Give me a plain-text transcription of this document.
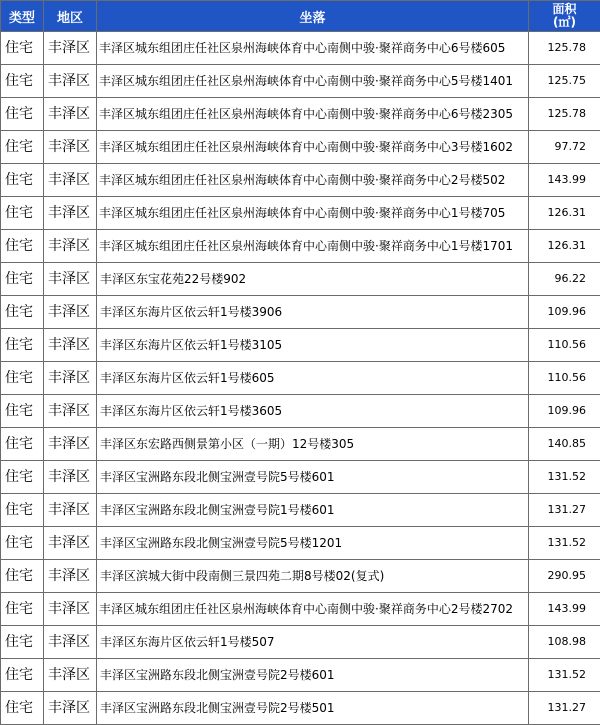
类型	地区	坐落	面积
(㎡)

住宅	丰泽区	丰泽区城东组团庄任社区泉州海峡体育中心南侧中骏·聚祥商务中心6号楼605	125.78
住宅	丰泽区	丰泽区城东组团庄任社区泉州海峡体育中心南侧中骏·聚祥商务中心5号楼1401	125.75
住宅	丰泽区	丰泽区城东组团庄任社区泉州海峡体育中心南侧中骏·聚祥商务中心6号楼2305	125.78
住宅	丰泽区	丰泽区城东组团庄任社区泉州海峡体育中心南侧中骏·聚祥商务中心3号楼1602	97.72
住宅	丰泽区	丰泽区城东组团庄任社区泉州海峡体育中心南侧中骏·聚祥商务中心2号楼502	143.99
住宅	丰泽区	丰泽区城东组团庄任社区泉州海峡体育中心南侧中骏·聚祥商务中心1号楼705	126.31
住宅	丰泽区	丰泽区城东组团庄任社区泉州海峡体育中心南侧中骏·聚祥商务中心1号楼1701	126.31
住宅	丰泽区	丰泽区东宝花苑22号楼902	96.22
住宅	丰泽区	丰泽区东海片区依云轩1号楼3906	109.96
住宅	丰泽区	丰泽区东海片区依云轩1号楼3105	110.56
住宅	丰泽区	丰泽区东海片区依云轩1号楼605	110.56
住宅	丰泽区	丰泽区东海片区依云轩1号楼3605	109.96
住宅	丰泽区	丰泽区东宏路西侧景第小区（一期）12号楼305	140.85
住宅	丰泽区	丰泽区宝洲路东段北侧宝洲壹号院5号楼601	131.52
住宅	丰泽区	丰泽区宝洲路东段北侧宝洲壹号院1号楼601	131.27
住宅	丰泽区	丰泽区宝洲路东段北侧宝洲壹号院5号楼1201	131.52
住宅	丰泽区	丰泽区滨城大街中段南侧三景四苑二期8号楼02(复式)	290.95
住宅	丰泽区	丰泽区城东组团庄任社区泉州海峡体育中心南侧中骏·聚祥商务中心2号楼2702	143.99
住宅	丰泽区	丰泽区东海片区依云轩1号楼507	108.98
住宅	丰泽区	丰泽区宝洲路东段北侧宝洲壹号院2号楼601	131.52
住宅	丰泽区	丰泽区宝洲路东段北侧宝洲壹号院2号楼501	131.27
